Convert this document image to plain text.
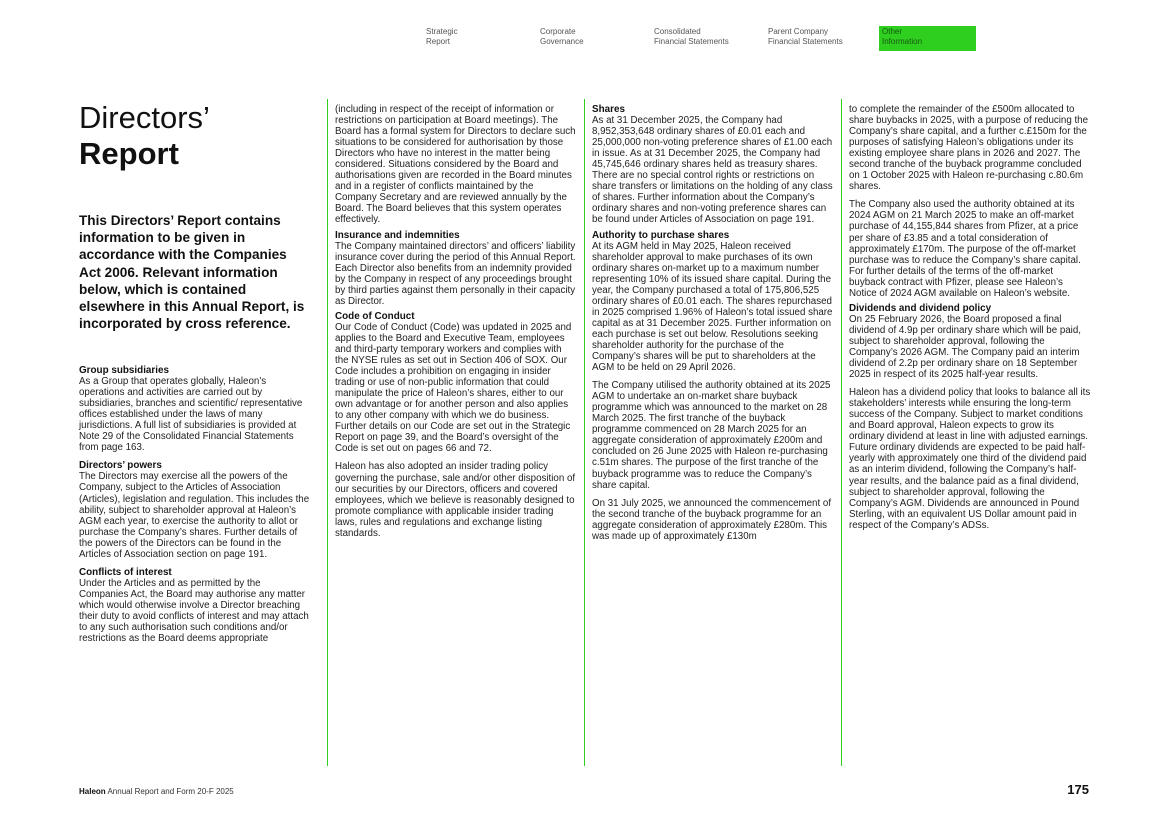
Strategic
Report
Corporate
Governance
Consolidated
Financial Statements
Parent Company
Financial Statements
Other
Information
Directors’
Report

This Directors’ Report contains information to be given in accordance with the Companies Act 2006. Relevant information below, which is contained elsewhere in this Annual Report, is incorporated by cross reference.

Group subsidiaries

As a Group that operates globally, Haleon’s operations and activities are carried out by subsidiaries, branches and scientific/ representative offices established under the laws of many jurisdictions. A full list of subsidiaries is provided at Note 29 of the Consolidated Financial Statements from page 163.

Directors’ powers

The Directors may exercise all the powers of the Company, subject to the Articles of Association (Articles), legislation and regulation. This includes the ability, subject to shareholder approval at Haleon’s AGM each year, to exercise the authority to allot or purchase the Company’s shares. Further details of the powers of the Directors can be found in the Articles of Association section on page 191.

Conflicts of interest

Under the Articles and as permitted by the Companies Act, the Board may authorise any matter which would otherwise involve a Director breaching their duty to avoid conflicts of interest and may attach to any such authorisation such conditions and/or restrictions as the Board deems appropriate

(including in respect of the receipt of information or restrictions on participation at Board meetings). The Board has a formal system for Directors to declare such situations to be considered for authorisation by those Directors who have no interest in the matter being considered. Situations considered by the Board and authorisations given are recorded in the Board minutes and in a register of conflicts maintained by the Company Secretary and are reviewed annually by the Board. The Board believes that this system operates effectively.

Insurance and indemnities

The Company maintained directors’ and officers’ liability insurance cover during the period of this Annual Report. Each Director also benefits from an indemnity provided by the Company in respect of any proceedings brought by third parties against them personally in their capacity as Director.

Code of Conduct

Our Code of Conduct (Code) was updated in 2025 and applies to the Board and Executive Team, employees and third-party temporary workers and complies with the NYSE rules as set out in Section 406 of SOX. Our Code includes a prohibition on engaging in insider trading or use of non-public information that could manipulate the price of Haleon’s shares, either to our own advantage or for another person and also applies to any other company with which we do business. Further details on our Code are set out in the Strategic Report on page 39, and the Board’s oversight of the Code is set out on pages 66 and 72.

Haleon has also adopted an insider trading policy governing the purchase, sale and/or other disposition of our securities by our Directors, officers and covered employees, which we believe is reasonably designed to promote compliance with applicable insider trading laws, rules and regulations and exchange listing standards.

Shares

As at 31 December 2025, the Company had 8,952,353,648 ordinary shares of £0.01 each and 25,000,000 non-voting preference shares of £1.00 each in issue. As at 31 December 2025, the Company had 45,745,646 ordinary shares held as treasury shares. There are no special control rights or restrictions on share transfers or limitations on the holding of any class of shares. Further information about the Company’s ordinary shares and non-voting preference shares can be found under Articles of Association on page 191.

Authority to purchase shares

At its AGM held in May 2025, Haleon received shareholder approval to make purchases of its own ordinary shares on-market up to a maximum number representing 10% of its issued share capital. During the year, the Company purchased a total of 175,806,525 ordinary shares of £0.01 each. The shares repurchased in 2025 comprised 1.96% of Haleon’s total issued share capital as at 31 December 2025. Further information on each purchase is set out below. Resolutions seeking shareholder authority for the purchase of the Company’s shares will be put to shareholders at the AGM to be held on 29 April 2026.

The Company utilised the authority obtained at its 2025 AGM to undertake an on-market share buyback programme which was announced to the market on 28 March 2025. The first tranche of the buyback programme commenced on 28 March 2025 for an aggregate consideration of approximately £200m and concluded on 26 June 2025 with Haleon re-purchasing c.51m shares. The purpose of the first tranche of the buyback programme was to reduce the Company’s share capital.

On 31 July 2025, we announced the commencement of the second tranche of the buyback programme for an aggregate consideration of approximately £280m. This was made up of approximately £130m

to complete the remainder of the £500m allocated to share buybacks in 2025, with a purpose of reducing the Company’s share capital, and a further c.£150m for the purposes of satisfying Haleon’s obligations under its existing employee share plans in 2026 and 2027. The second tranche of the buyback programme concluded on 1 October 2025 with Haleon re-purchasing c.80.6m shares.

The Company also used the authority obtained at its 2024 AGM on 21 March 2025 to make an off-market purchase of 44,155,844 shares from Pfizer, at a price per share of £3.85 and a total consideration of approximately £170m. The purpose of the off-market purchase was to reduce the Company’s share capital. For further details of the terms of the off-market buyback contract with Pfizer, please see Haleon’s Notice of 2024 AGM available on Haleon’s website.

Dividends and dividend policy

On 25 February 2026, the Board proposed a final dividend of 4.9p per ordinary share which will be paid, subject to shareholder approval, following the Company’s 2026 AGM. The Company paid an interim dividend of 2.2p per ordinary share on 18 September 2025 in respect of its 2025 half-year results.

Haleon has a dividend policy that looks to balance all its stakeholders’ interests while ensuring the long-term success of the Company. Subject to market conditions and Board approval, Haleon expects to grow its ordinary dividend at least in line with adjusted earnings. Future ordinary dividends are expected to be paid half-yearly with approximately one third of the dividend paid as an interim dividend, following the Company’s half-year results, and the balance paid as a final dividend, subject to shareholder approval, following the Company’s AGM. Dividends are announced in Pound Sterling, with an equivalent US Dollar amount paid in respect of the Company’s ADSs.

Haleon Annual Report and Form 20-F 2025	175
